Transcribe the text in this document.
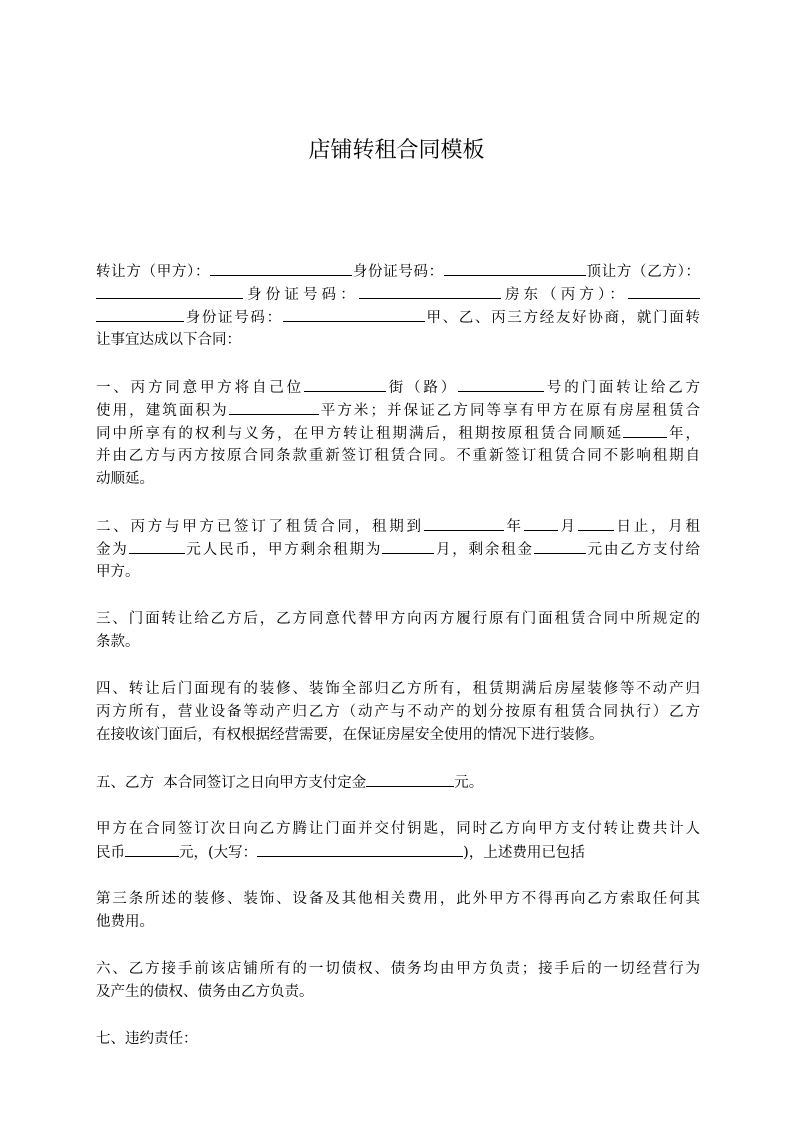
店铺转租合同模板
转让方（甲方）：	身份证号码：	顶让方（乙方）：
身份证号码：	房东（丙方）：
身份证号码：	甲、乙、丙三方经友好协商，就门面转
让事宜达成以下合同：
一、丙方同意甲方将自己位	街（路）	号的门面转让给乙方
使用，建筑面积为	平方米；并保证乙方同等享有甲方在原有房屋租赁合
同中所享有的权利与义务，在甲方转让租期满后，租期按原租赁合同顺延	年，
并由乙方与丙方按原合同条款重新签订租赁合同。不重新签订租赁合同不影响租期自
动顺延。
二、丙方与甲方已签订了租赁合同，租期到	年 月 日止，月租
金为	元人民币，甲方剩余租期为	月，剩余租金	元由乙方支付给
甲方。
三、门面转让给乙方后，乙方同意代替甲方向丙方履行原有门面租赁合同中所规定的
条款。
四、转让后门面现有的装修、装饰全部归乙方所有，租赁期满后房屋装修等不动产归
丙方所有，营业设备等动产归乙方（动产与不动产的划分按原有租赁合同执行）乙方
在接收该门面后，有权根据经营需要，在保证房屋安全使用的情况下进行装修。
五、乙方  本合同签订之日向甲方支付定金	元。
甲方在合同签订次日向乙方腾让门面并交付钥匙，同时乙方向甲方支付转让费共计人
民币	元，(大写：	)，上述费用已包括
第三条所述的装修、装饰、设备及其他相关费用，此外甲方不得再向乙方索取任何其
他费用。
六、乙方接手前该店铺所有的一切债权、债务均由甲方负责；接手后的一切经营行为
及产生的债权、债务由乙方负责。
七、违约责任：
